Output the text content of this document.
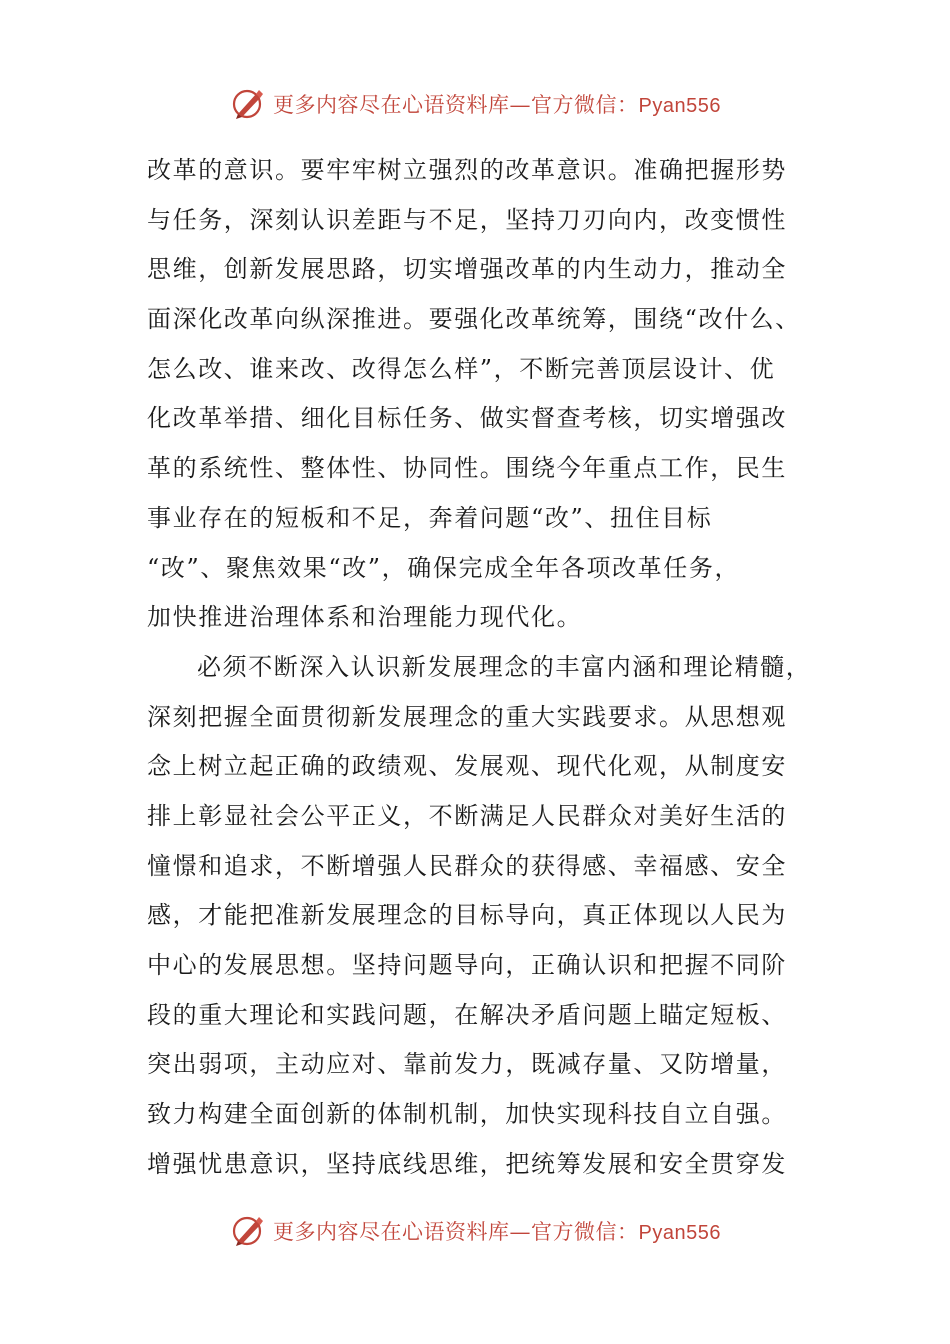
更多内容尽在心语资料库—官方微信：Pyan556
改革的意识。要牢牢树立强烈的改革意识。准确把握形势
与任务，深刻认识差距与不足，坚持刀刃向内，改变惯性
思维，创新发展思路，切实增强改革的内生动力，推动全
面深化改革向纵深推进。要强化改革统筹，围绕“改什么、
怎么改、谁来改、改得怎么样”，不断完善顶层设计、优
化改革举措、细化目标任务、做实督查考核，切实增强改
革的系统性、整体性、协同性。围绕今年重点工作，民生
事业存在的短板和不足，奔着问题“改”、扭住目标
“改”、聚焦效果“改”，确保完成全年各项改革任务，
加快推进治理体系和治理能力现代化。
必须不断深入认识新发展理念的丰富内涵和理论精髓，
深刻把握全面贯彻新发展理念的重大实践要求。从思想观
念上树立起正确的政绩观、发展观、现代化观，从制度安
排上彰显社会公平正义，不断满足人民群众对美好生活的
憧憬和追求，不断增强人民群众的获得感、幸福感、安全
感，才能把准新发展理念的目标导向，真正体现以人民为
中心的发展思想。坚持问题导向，正确认识和把握不同阶
段的重大理论和实践问题，在解决矛盾问题上瞄定短板、
突出弱项，主动应对、靠前发力，既减存量、又防增量，
致力构建全面创新的体制机制，加快实现科技自立自强。
增强忧患意识，坚持底线思维，把统筹发展和安全贯穿发
更多内容尽在心语资料库—官方微信：Pyan556
